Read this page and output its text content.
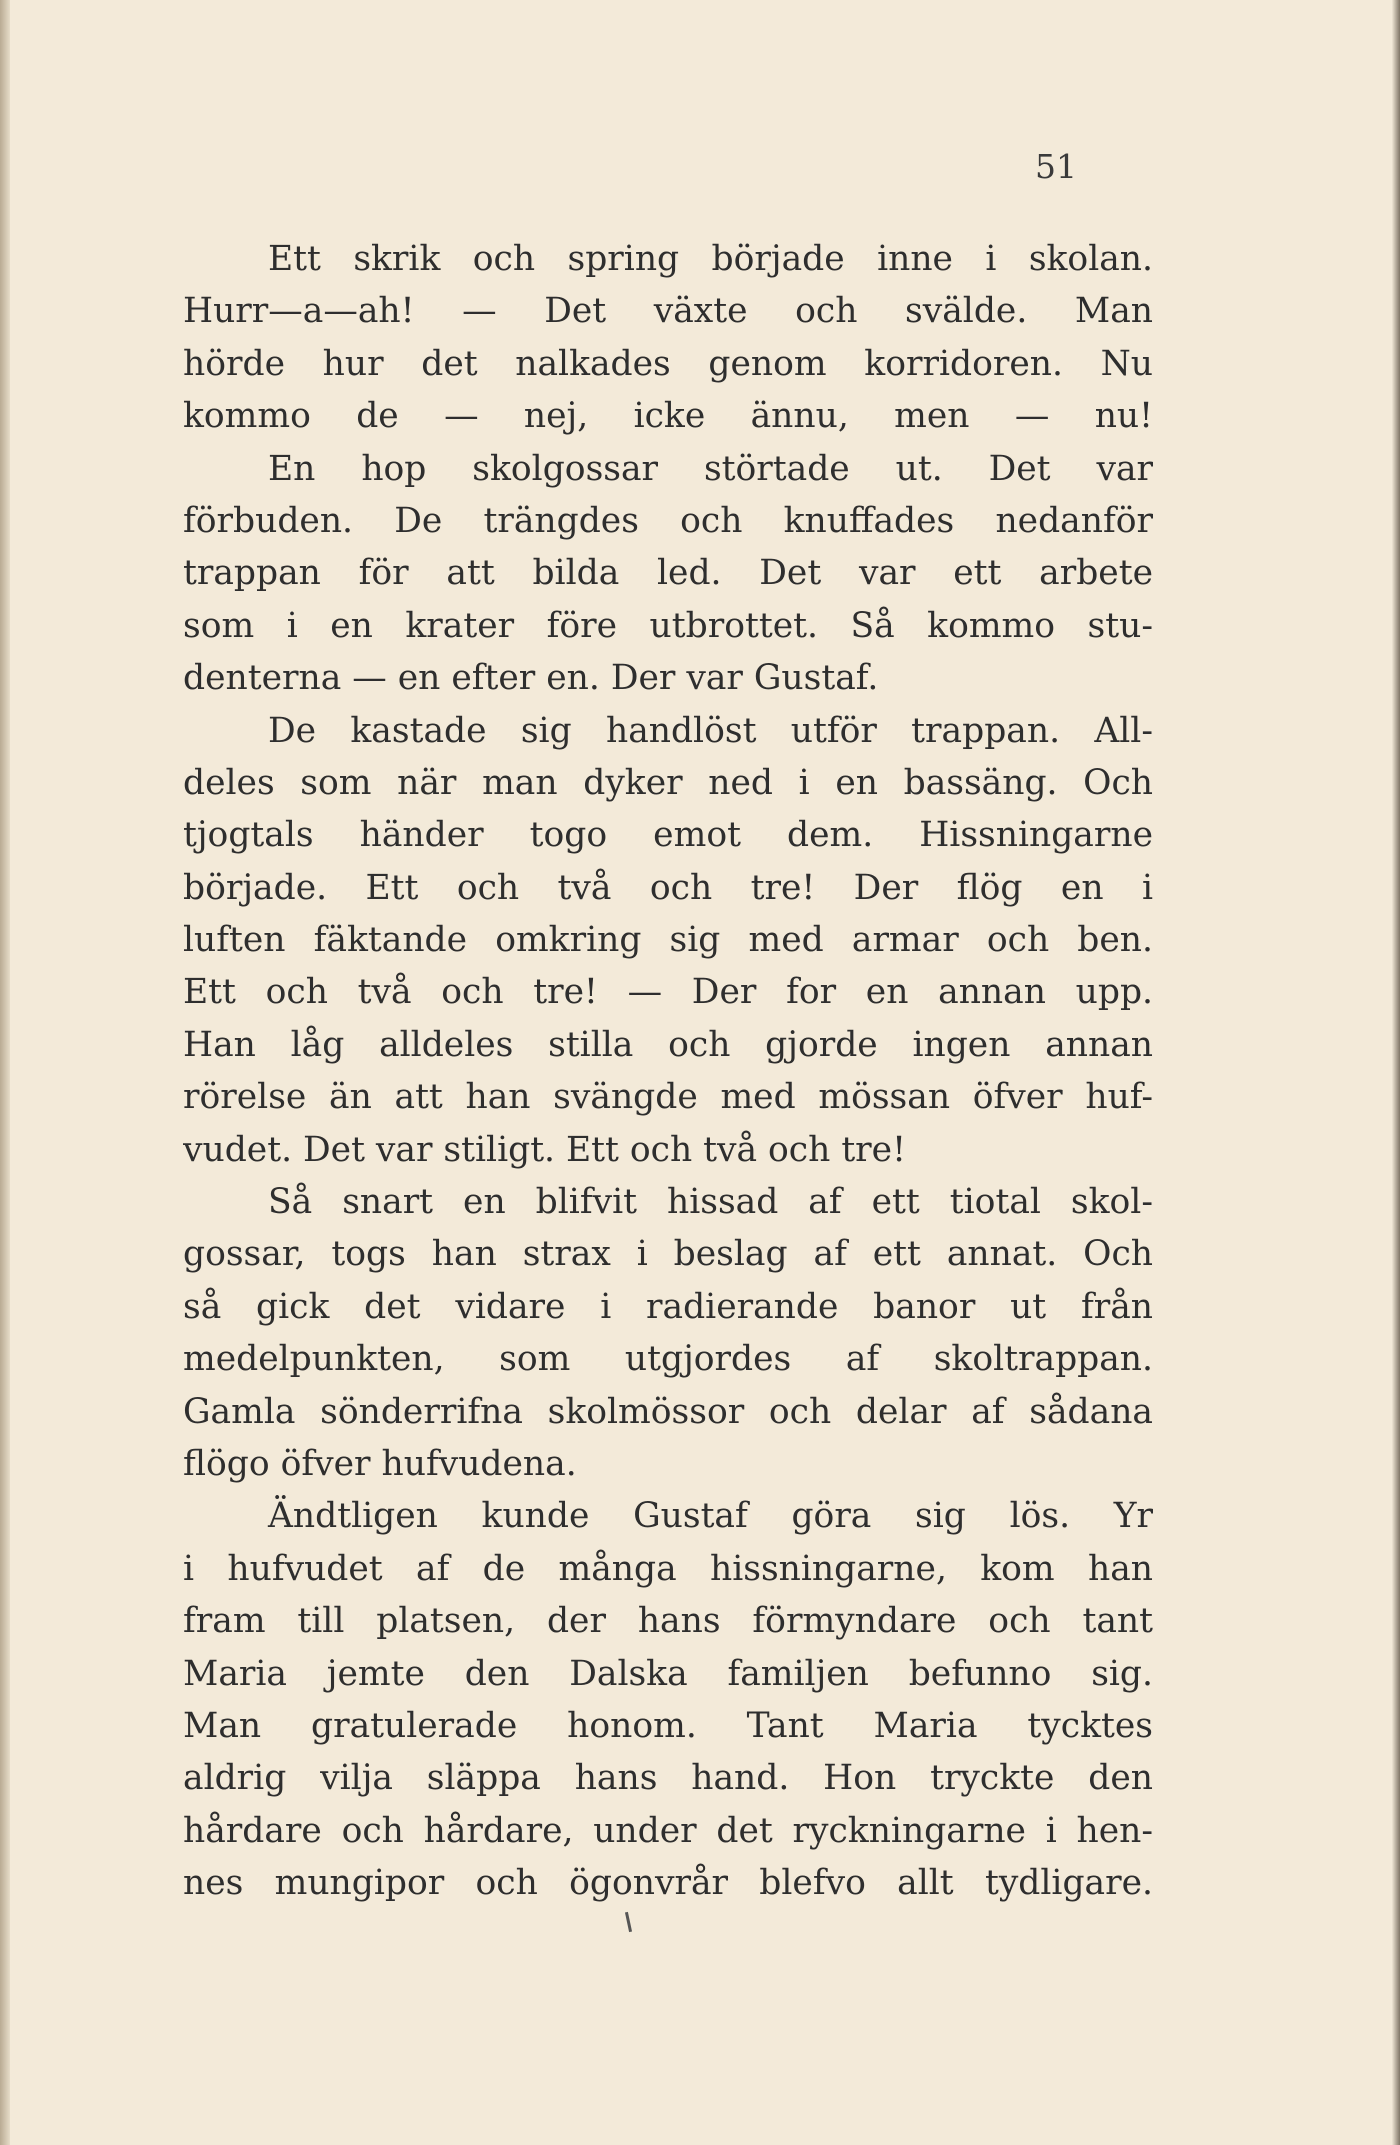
51
Ett skrik och spring började inne i skolan.
Hurr—a—ah! — Det växte och svälde. Man
hörde hur det nalkades genom korridoren. Nu
kommo de — nej, icke ännu, men — nu!
En hop skolgossar störtade ut. Det var
förbuden. De trängdes och knuffades nedanför
trappan för att bilda led. Det var ett arbete
som i en krater före utbrottet. Så kommo stu-
denterna — en efter en. Der var Gustaf.
De kastade sig handlöst utför trappan. All-
deles som när man dyker ned i en bassäng. Och
tjogtals händer togo emot dem. Hissningarne
började. Ett och två och tre! Der flög en i
luften fäktande omkring sig med armar och ben.
Ett och två och tre! — Der for en annan upp.
Han låg alldeles stilla och gjorde ingen annan
rörelse än att han svängde med mössan öfver huf-
vudet. Det var stiligt. Ett och två och tre!
Så snart en blifvit hissad af ett tiotal skol-
gossar, togs han strax i beslag af ett annat. Och
så gick det vidare i radierande banor ut från
medelpunkten, som utgjordes af skoltrappan.
Gamla sönderrifna skolmössor och delar af sådana
flögo öfver hufvudena.
Ändtligen kunde Gustaf göra sig lös. Yr
i hufvudet af de många hissningarne, kom han
fram till platsen, der hans förmyndare och tant
Maria jemte den Dalska familjen befunno sig.
Man gratulerade honom. Tant Maria tycktes
aldrig vilja släppa hans hand. Hon tryckte den
hårdare och hårdare, under det ryckningarne i hen-
nes mungipor och ögonvrår blefvo allt tydligare.
